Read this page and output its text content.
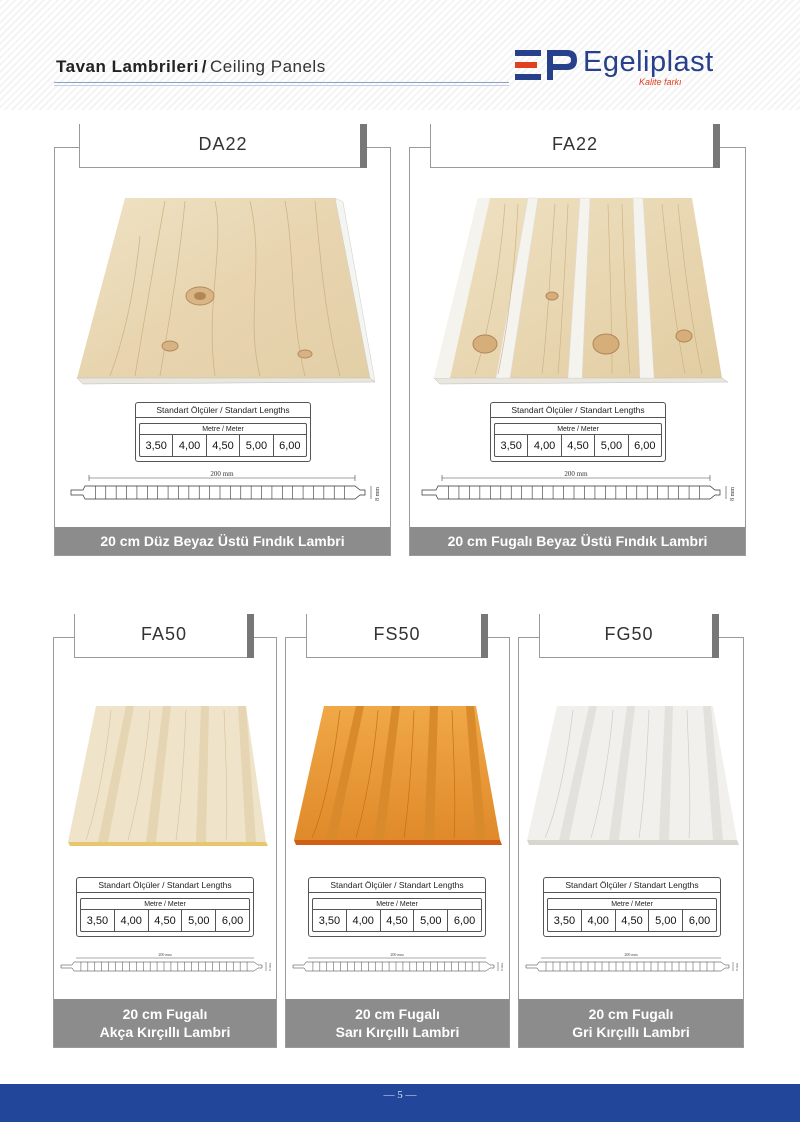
Tavan Lambrileri / Ceiling Panels	Egeliplast
Kalite farkı
DA22
Standart Ölçüler / Standart Lengths
Metre / Meter
3,50	4,00	4,50	5,00	6,00
200 mm
8 mm
20 cm Düz Beyaz Üstü Fındık Lambri
FA22
Standart Ölçüler / Standart Lengths
Metre / Meter
3,50	4,00	4,50	5,00	6,00
200 mm
8 mm
20 cm Fugalı Beyaz Üstü Fındık Lambri
FA50
Standart Ölçüler / Standart Lengths
Metre / Meter
3,50	4,00	4,50	5,00	6,00
200 mm
8 mm
20 cm Fugalı
Akça Kırçıllı Lambri
FS50
Standart Ölçüler / Standart Lengths
Metre / Meter
3,50	4,00	4,50	5,00	6,00
200 mm
8 mm
20 cm Fugalı
Sarı Kırçıllı Lambri
FG50
Standart Ölçüler / Standart Lengths
Metre / Meter
3,50	4,00	4,50	5,00	6,00
200 mm
8 mm
20 cm Fugalı
Gri Kırçıllı Lambri
— 5 —
